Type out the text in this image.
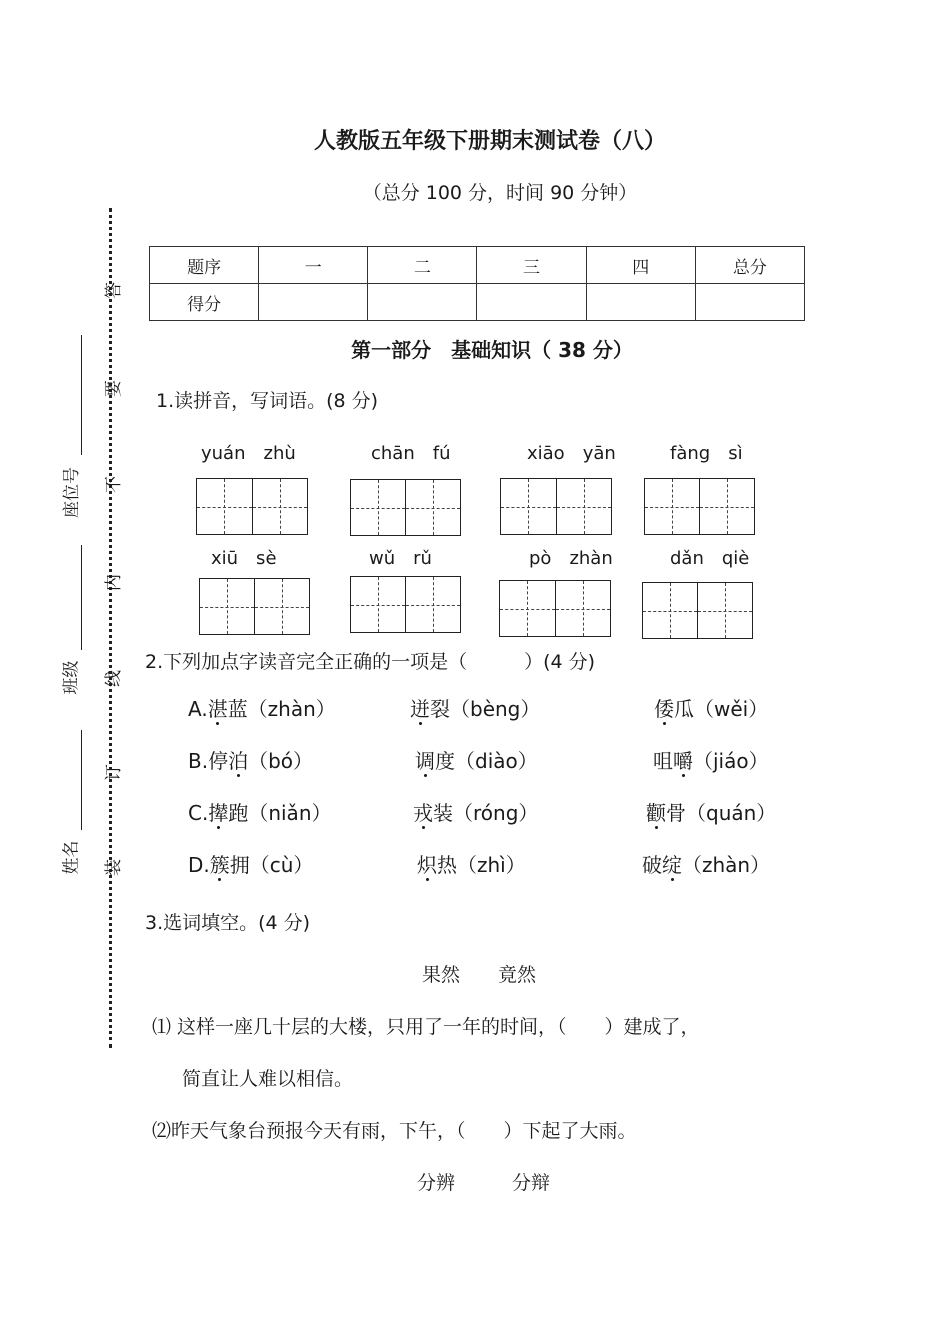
人教版五年级下册期末测试卷（八）
（总分 100 分，时间 90 分钟）
座位号
班级
姓名
答
要
不
内
线
订
装
题序	一	二	三	四	总分
得分					
第一部分　基础知识（ 38 分）
1.读拼音，写词语。(8 分)
yuán　zhù	chān　fú	xiāo　yān	fàng　sì
xiū　sè	wǔ　rǔ	pò　zhàn	dǎn　qiè
2.下列加点字读音完全正确的一项是（　　　）(4 分)
A.湛蓝（zhàn）	迸裂（bèng）	倭瓜（wěi）
B.停泊（bó）	调度（diào）	咀嚼（jiáo）
C.撵跑（niǎn）	戎装（róng）	颧骨（quán）
D.簇拥（cù）	炽热（zhì）	破绽（zhàn）
3.选词填空。(4 分)
果然　　竟然
⑴ 这样一座几十层的大楼，只用了一年的时间，（　　）建成了，
简直让人难以相信。
⑵昨天气象台预报今天有雨，下午，（　　）下起了大雨。
分辨　　　分辩
